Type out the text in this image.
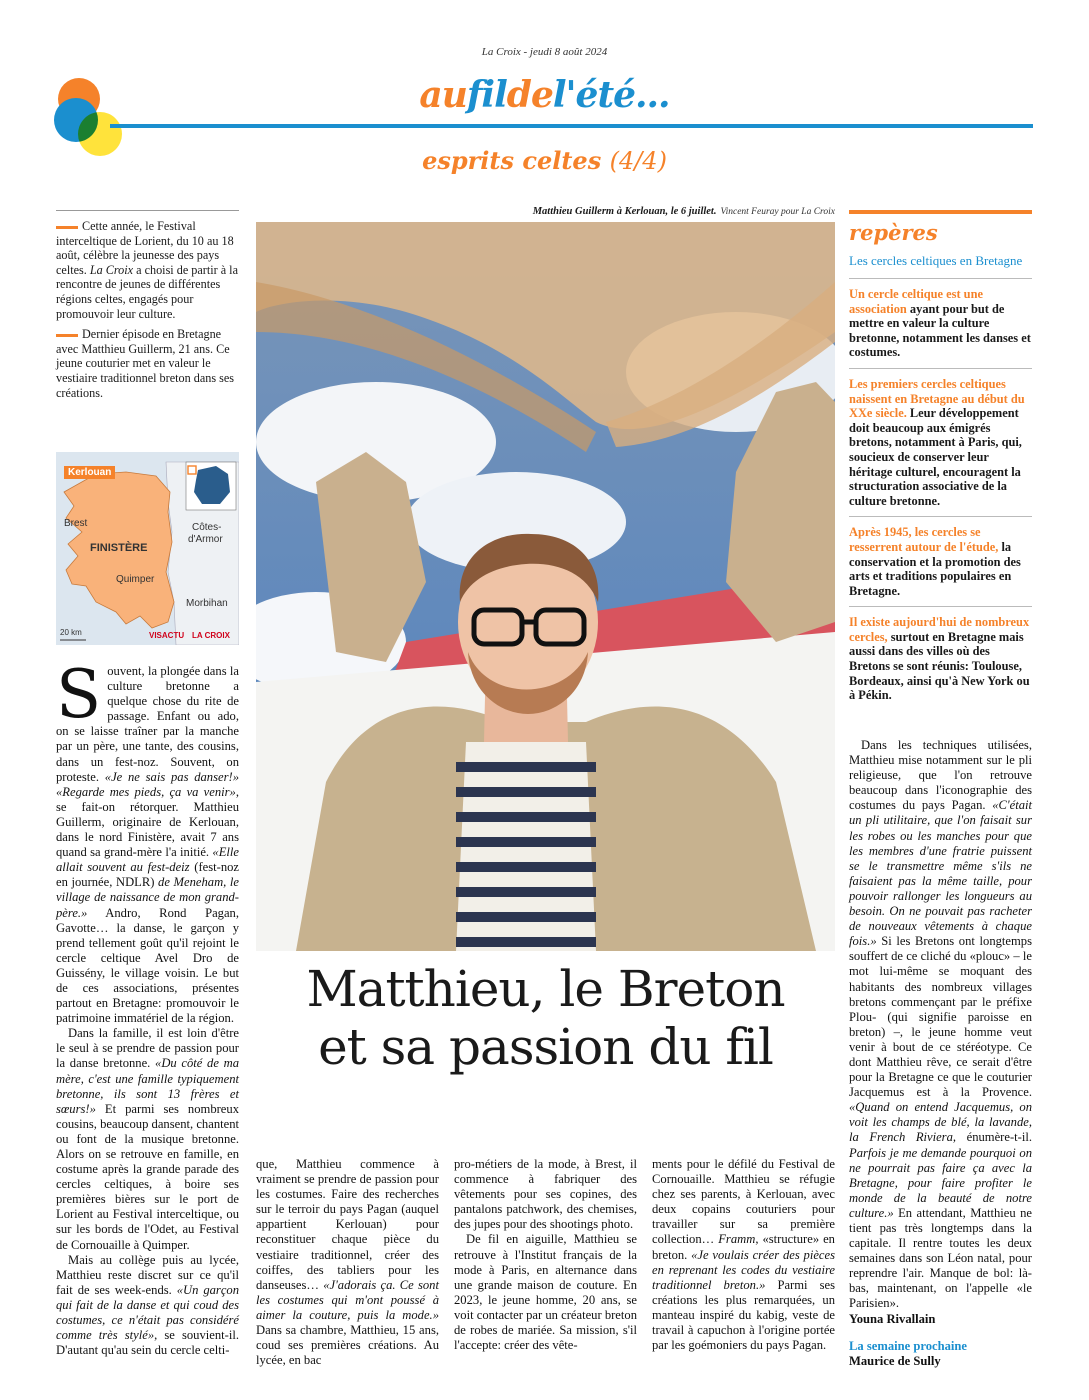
La Croix - jeudi 8 août 2024
aufildel'été...
esprits celtes (4/4)

Cette année, le Festival interceltique de Lorient, du 10 au 18 août, célèbre la jeunesse des pays celtes. La Croix a choisi de partir à la rencontre de jeunes de différentes régions celtes, engagés pour promouvoir leur culture.

Dernier épisode en Bretagne avec Matthieu Guillerm, 21 ans. Ce jeune couturier met en valeur le vestiaire traditionnel breton dans ses créations.

VISACTU LA CROIX
Kerlouan
Brest
FINISTÈRE
Quimper
Côtes-
d'Armor
Morbihan
20 km
Matthieu Guillerm à Kerlouan, le 6 juillet. Vincent Feuray pour La Croix
Matthieu, le Breton
et sa passion du fil
repères
Les cercles celtiques en Bretagne
Un cercle celtique est une association ayant pour but de mettre en valeur la culture bretonne, notamment les danses et costumes.
Les premiers cercles celtiques naissent en Bretagne au début du XXe siècle. Leur développement doit beaucoup aux émigrés bretons, notamment à Paris, qui, soucieux de conserver leur héritage culturel, encouragent la structuration associative de la culture bretonne.
Après 1945, les cercles se resserrent autour de l'étude, la conservation et la promotion des arts et traditions populaires en Bretagne.
Il existe aujourd'hui de nombreux cercles, surtout en Bretagne mais aussi dans des villes où des Bretons se sont réunis: Toulouse, Bordeaux, ainsi qu'à New York ou à Pékin.

Souvent, la plongée dans la culture bretonne a quelque chose du rite de passage. Enfant ou ado, on se laisse traîner par la manche par un père, une tante, des cousins, dans un fest-noz. Souvent, on proteste. «Je ne sais pas danser!» «Regarde mes pieds, ça va venir», se fait-on rétorquer. Matthieu Guillerm, originaire de Kerlouan, dans le nord Finistère, avait 7 ans quand sa grand-mère l'a initié. «Elle allait souvent au fest-deiz (fest-noz en journée, NDLR) de Meneham, le village de naissance de mon grand-père.» Andro, Rond Pagan, Gavotte… la danse, le garçon y prend tellement goût qu'il rejoint le cercle celtique Avel Dro de Guissény, le village voisin. Le but de ces associations, présentes partout en Bretagne: promouvoir le patrimoine immatériel de la région.

Dans la famille, il est loin d'être le seul à se prendre de passion pour la danse bretonne. «Du côté de ma mère, c'est une famille typiquement bretonne, ils sont 13 frères et sœurs!» Et parmi ses nombreux cousins, beaucoup dansent, chantent ou font de la musique bretonne. Alors on se retrouve en famille, en costume après la grande parade des cercles celtiques, à boire ses premières bières sur le port de Lorient au Festival interceltique, ou sur les bords de l'Odet, au Festival de Cornouaille à Quimper.

Mais au collège puis au lycée, Matthieu reste discret sur ce qu'il fait de ses week-ends. «Un garçon qui fait de la danse et qui coud des costumes, ce n'était pas considéré comme très stylé», se souvient-il. D'autant qu'au sein du cercle celti-

que, Matthieu commence à vraiment se prendre de passion pour les costumes. Faire des recherches sur le terroir du pays Pagan (auquel appartient Kerlouan) pour reconstituer chaque pièce du vestiaire traditionnel, créer des coiffes, des tabliers pour les danseuses… «J'adorais ça. Ce sont les costumes qui m'ont poussé à aimer la couture, puis la mode.» Dans sa chambre, Matthieu, 15 ans, coud ses premières créations. Au lycée, en bac

pro-métiers de la mode, à Brest, il commence à fabriquer des vêtements pour ses copines, des pantalons patchwork, des chemises, des jupes pour des shootings photo.

De fil en aiguille, Matthieu se retrouve à l'Institut français de la mode à Paris, en alternance dans une grande maison de couture. En 2023, le jeune homme, 20 ans, se voit contacter par un créateur breton de robes de mariée. Sa mission, s'il l'accepte: créer des vête-

ments pour le défilé du Festival de Cornouaille. Matthieu se réfugie chez ses parents, à Kerlouan, avec deux copains couturiers pour travailler sur sa première collection… Framm, «structure» en breton. «Je voulais créer des pièces en reprenant les codes du vestiaire traditionnel breton.» Parmi ses créations les plus remarquées, un manteau inspiré du kabig, veste de travail à capuchon à l'origine portée par les goémoniers du pays Pagan.

Dans les techniques utilisées, Matthieu mise notamment sur le pli religieuse, que l'on retrouve beaucoup dans l'iconographie des costumes du pays Pagan. «C'était un pli utilitaire, que l'on faisait sur les robes ou les manches pour que les membres d'une fratrie puissent se le transmettre même s'ils ne faisaient pas la même taille, pour pouvoir rallonger les longueurs au besoin. On ne pouvait pas racheter de nouveaux vêtements à chaque fois.» Si les Bretons ont longtemps souffert de ce cliché du «plouc» – le mot lui-même se moquant des habitants des nombreux villages bretons commençant par le préfixe Plou- (qui signifie paroisse en breton) –, le jeune homme veut venir à bout de ce stéréotype. Ce dont Matthieu rêve, ce serait d'être pour la Bretagne ce que le couturier Jacquemus est à la Provence. «Quand on entend Jacquemus, on voit les champs de blé, la lavande, la French Riviera, énumère-t-il. Parfois je me demande pourquoi on ne pourrait pas faire ça avec la Bretagne, pour faire profiter le monde de la beauté de notre culture.» En attendant, Matthieu ne tient pas très longtemps dans la capitale. Il rentre toutes les deux semaines dans son Léon natal, pour reprendre l'air. Manque de bol: là-bas, maintenant, on l'appelle «le Parisien».

Youna Rivallain

La semaine prochaine

Maurice de Sully
